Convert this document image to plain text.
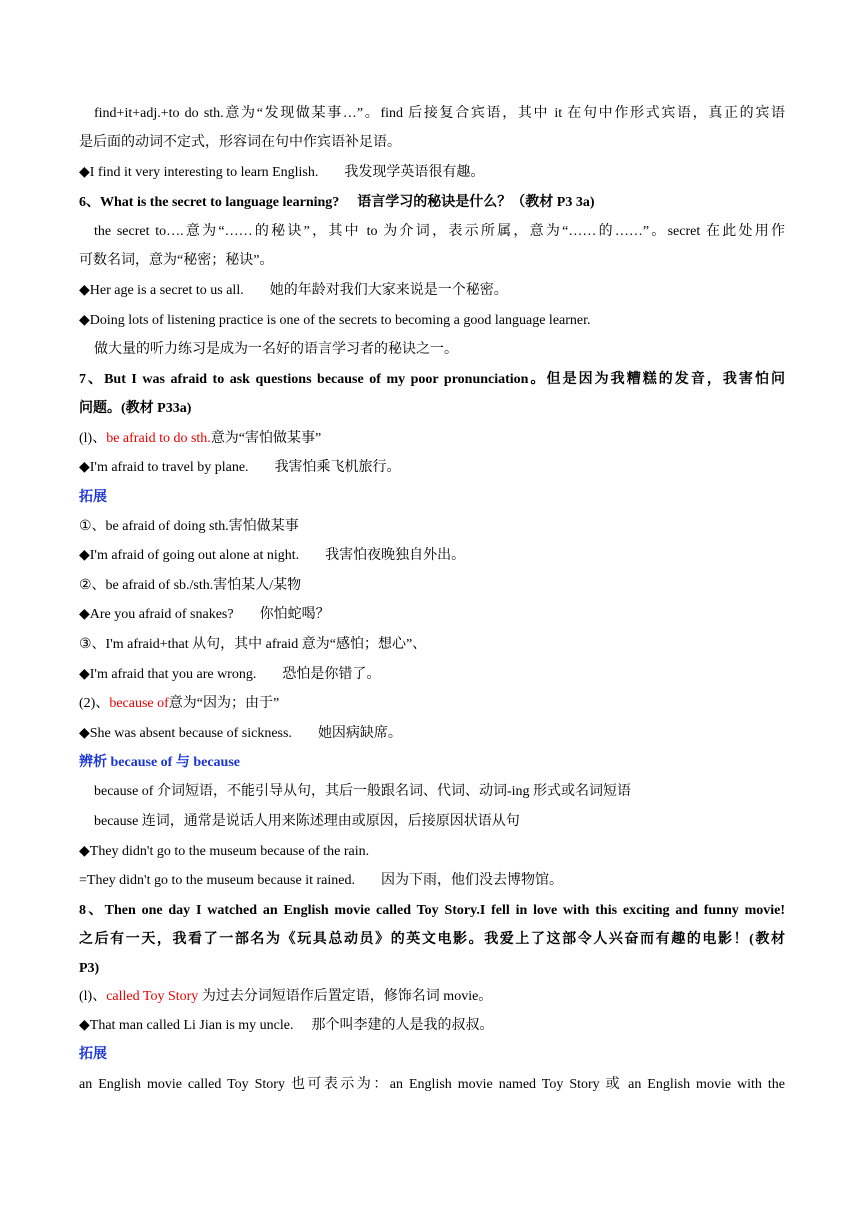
find+it+adj.+to do sth.意为“发现做某事…”。find 后接复合宾语，其中 it 在句中作形式宾语，真正的宾语
是后面的动词不定式，形容词在句中作宾语补足语。
◆I find it very interesting to learn English. 我发现学英语很有趣。
6、What is the secret to language learning? 语言学习的秘诀是什么？（教材 P3 3a)
the secret to….意为“……的秘诀”，其中 to 为介词，表示所属，意为“……的……”。secret 在此处用作
可数名词，意为“秘密；秘诀”。
◆Her age is a secret to us all. 她的年龄对我们大家来说是一个秘密。
◆Doing lots of listening practice is one of the secrets to becoming a good language learner.
做大量的听力练习是成为一名好的语言学习者的秘诀之一。
7、But I was afraid to ask questions because of my poor pronunciation。但是因为我糟糕的发音，我害怕问
问题。(教材 P33a)
(l)、be afraid to do sth.意为“害怕做某事”
◆I'm afraid to travel by plane. 我害怕乘飞机旅行。
拓展
①、be afraid of doing sth.害怕做某事
◆I'm afraid of going out alone at night. 我害怕夜晚独自外出。
②、be afraid of sb./sth.害怕某人/某物
◆Are you afraid of snakes? 你怕蛇喝？
③、I'm afraid+that 从句，其中 afraid 意为“感怕；想心”、
◆I'm afraid that you are wrong. 恐怕是你错了。
(2)、because of意为“因为；由于”
◆She was absent because of sickness. 她因病缺席。
辨析 because of 与 because
because of 介词短语，不能引导从句，其后一般跟名词、代词、动词-ing 形式或名词短语
because 连词，通常是说话人用来陈述理由或原因，后接原因状语从句
◆They didn't go to the museum because of the rain.
=They didn't go to the museum because it rained. 因为下雨，他们没去博物馆。
8、Then one day I watched an English movie called Toy Story.I fell in love with this exciting and funny movie!
之后有一天，我看了一部名为《玩具总动员》的英文电影。我爱上了这部令人兴奋而有趣的电影！(教材
P3)
(l)、called Toy Story 为过去分词短语作后置定语，修饰名词 movie。
◆That man called Li Jian is my uncle. 那个叫李建的人是我的叔叔。
拓展
an English movie called Toy Story 也可表示为：an English movie named Toy Story 或 an English movie with the
